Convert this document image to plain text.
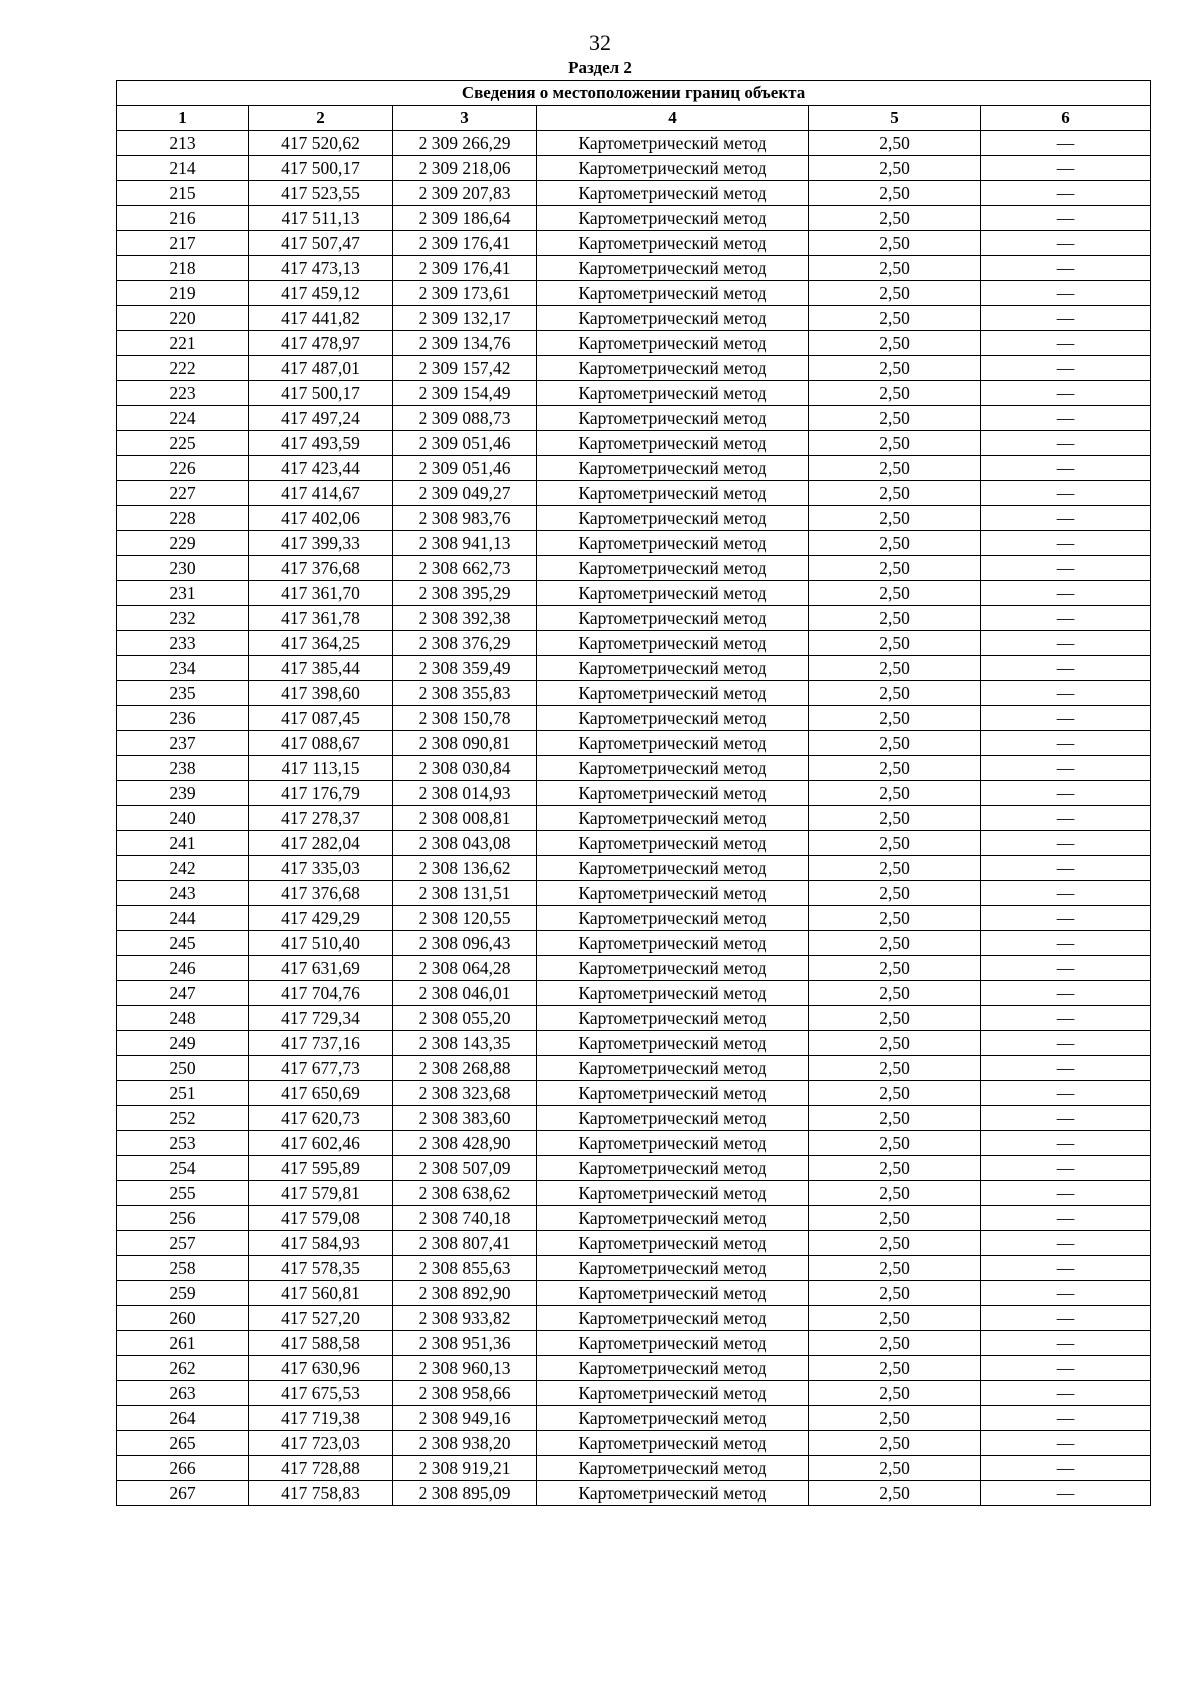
32
Раздел 2
Сведения о местоположении границ объекта					
1	2	3	4	5	6
213	417 520,62	2 309 266,29	Картометрический метод	2,50	—
214	417 500,17	2 309 218,06	Картометрический метод	2,50	—
215	417 523,55	2 309 207,83	Картометрический метод	2,50	—
216	417 511,13	2 309 186,64	Картометрический метод	2,50	—
217	417 507,47	2 309 176,41	Картометрический метод	2,50	—
218	417 473,13	2 309 176,41	Картометрический метод	2,50	—
219	417 459,12	2 309 173,61	Картометрический метод	2,50	—
220	417 441,82	2 309 132,17	Картометрический метод	2,50	—
221	417 478,97	2 309 134,76	Картометрический метод	2,50	—
222	417 487,01	2 309 157,42	Картометрический метод	2,50	—
223	417 500,17	2 309 154,49	Картометрический метод	2,50	—
224	417 497,24	2 309 088,73	Картометрический метод	2,50	—
225	417 493,59	2 309 051,46	Картометрический метод	2,50	—
226	417 423,44	2 309 051,46	Картометрический метод	2,50	—
227	417 414,67	2 309 049,27	Картометрический метод	2,50	—
228	417 402,06	2 308 983,76	Картометрический метод	2,50	—
229	417 399,33	2 308 941,13	Картометрический метод	2,50	—
230	417 376,68	2 308 662,73	Картометрический метод	2,50	—
231	417 361,70	2 308 395,29	Картометрический метод	2,50	—
232	417 361,78	2 308 392,38	Картометрический метод	2,50	—
233	417 364,25	2 308 376,29	Картометрический метод	2,50	—
234	417 385,44	2 308 359,49	Картометрический метод	2,50	—
235	417 398,60	2 308 355,83	Картометрический метод	2,50	—
236	417 087,45	2 308 150,78	Картометрический метод	2,50	—
237	417 088,67	2 308 090,81	Картометрический метод	2,50	—
238	417 113,15	2 308 030,84	Картометрический метод	2,50	—
239	417 176,79	2 308 014,93	Картометрический метод	2,50	—
240	417 278,37	2 308 008,81	Картометрический метод	2,50	—
241	417 282,04	2 308 043,08	Картометрический метод	2,50	—
242	417 335,03	2 308 136,62	Картометрический метод	2,50	—
243	417 376,68	2 308 131,51	Картометрический метод	2,50	—
244	417 429,29	2 308 120,55	Картометрический метод	2,50	—
245	417 510,40	2 308 096,43	Картометрический метод	2,50	—
246	417 631,69	2 308 064,28	Картометрический метод	2,50	—
247	417 704,76	2 308 046,01	Картометрический метод	2,50	—
248	417 729,34	2 308 055,20	Картометрический метод	2,50	—
249	417 737,16	2 308 143,35	Картометрический метод	2,50	—
250	417 677,73	2 308 268,88	Картометрический метод	2,50	—
251	417 650,69	2 308 323,68	Картометрический метод	2,50	—
252	417 620,73	2 308 383,60	Картометрический метод	2,50	—
253	417 602,46	2 308 428,90	Картометрический метод	2,50	—
254	417 595,89	2 308 507,09	Картометрический метод	2,50	—
255	417 579,81	2 308 638,62	Картометрический метод	2,50	—
256	417 579,08	2 308 740,18	Картометрический метод	2,50	—
257	417 584,93	2 308 807,41	Картометрический метод	2,50	—
258	417 578,35	2 308 855,63	Картометрический метод	2,50	—
259	417 560,81	2 308 892,90	Картометрический метод	2,50	—
260	417 527,20	2 308 933,82	Картометрический метод	2,50	—
261	417 588,58	2 308 951,36	Картометрический метод	2,50	—
262	417 630,96	2 308 960,13	Картометрический метод	2,50	—
263	417 675,53	2 308 958,66	Картометрический метод	2,50	—
264	417 719,38	2 308 949,16	Картометрический метод	2,50	—
265	417 723,03	2 308 938,20	Картометрический метод	2,50	—
266	417 728,88	2 308 919,21	Картометрический метод	2,50	—
267	417 758,83	2 308 895,09	Картометрический метод	2,50	—
